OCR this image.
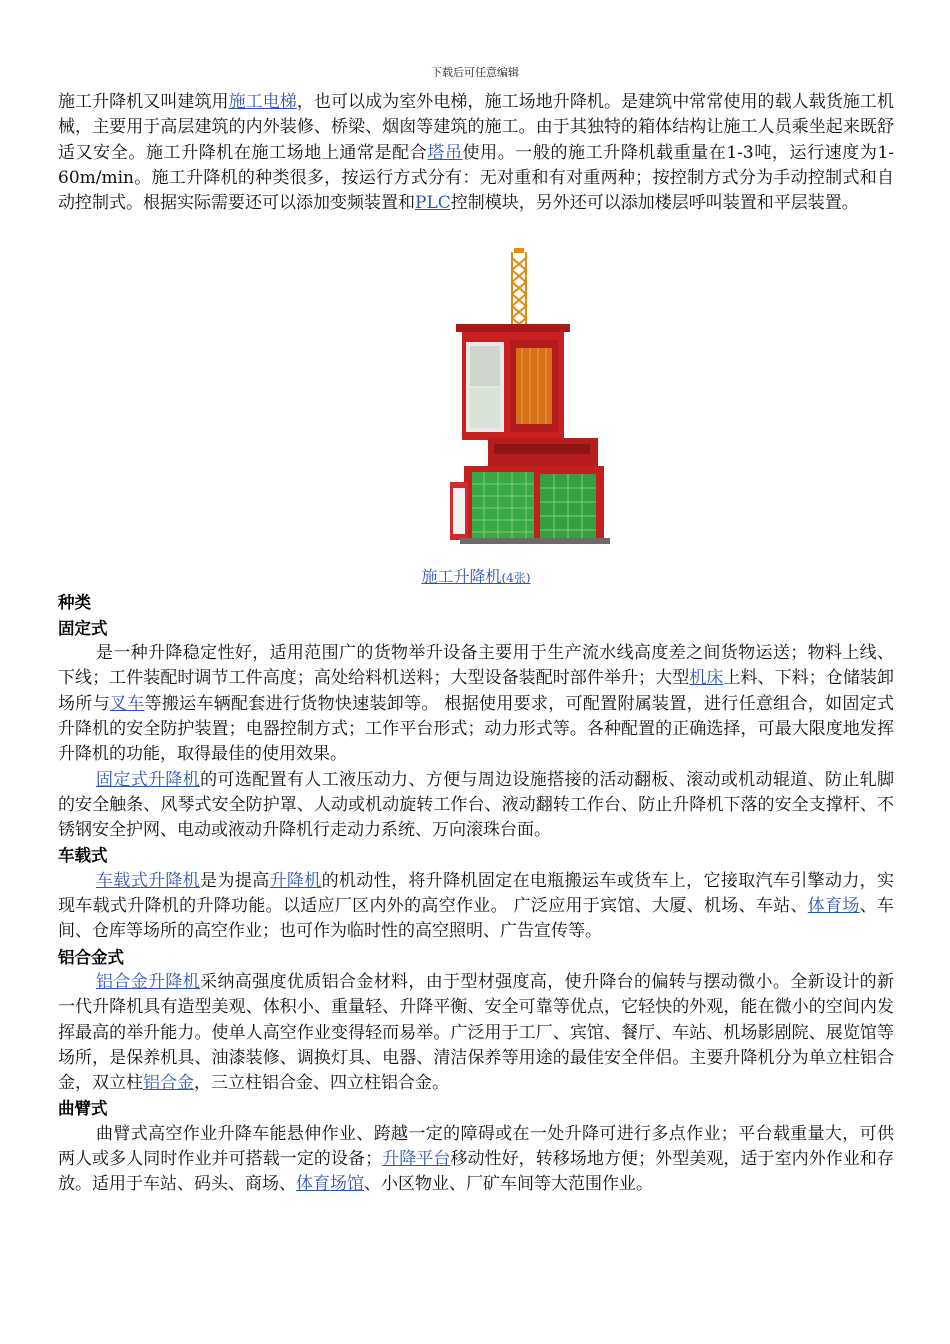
下载后可任意编辑

施工升降机又叫建筑用施工电梯，也可以成为室外电梯，施工场地升降机。是建筑中常常使用的载人载货施工机械，主要用于高层建筑的内外装修、桥梁、烟囱等建筑的施工。由于其独特的箱体结构让施工人员乘坐起来既舒适又安全。施工升降机在施工场地上通常是配合塔吊使用。一般的施工升降机载重量在1-3吨，运行速度为1-60m/min。施工升降机的种类很多，按运行方式分有：无对重和有对重两种；按控制方式分为手动控制式和自动控制式。根据实际需要还可以添加变频装置和PLC控制模块，另外还可以添加楼层呼叫装置和平层装置。

施工升降机(4张)
种类
固定式

是一种升降稳定性好，适用范围广的货物举升设备主要用于生产流水线高度差之间货物运送；物料上线、下线；工件装配时调节工件高度；高处给料机送料；大型设备装配时部件举升；大型机床上料、下料；仓储装卸场所与叉车等搬运车辆配套进行货物快速装卸等。 根据使用要求，可配置附属装置，进行任意组合，如固定式升降机的安全防护装置；电器控制方式；工作平台形式；动力形式等。各种配置的正确选择，可最大限度地发挥升降机的功能，取得最佳的使用效果。

固定式升降机的可选配置有人工液压动力、方便与周边设施搭接的活动翻板、滚动或机动辊道、防止轧脚的安全触条、风琴式安全防护罩、人动或机动旋转工作台、液动翻转工作台、防止升降机下落的安全支撑杆、不锈钢安全护网、电动或液动升降机行走动力系统、万向滚珠台面。

车载式

车载式升降机是为提高升降机的机动性，将升降机固定在电瓶搬运车或货车上，它接取汽车引擎动力，实现车载式升降机的升降功能。以适应厂区内外的高空作业。 广泛应用于宾馆、大厦、机场、车站、体育场、车间、仓库等场所的高空作业；也可作为临时性的高空照明、广告宣传等。

铝合金式

铝合金升降机采纳高强度优质铝合金材料，由于型材强度高，使升降台的偏转与摆动微小。全新设计的新一代升降机具有造型美观、体积小、重量轻、升降平衡、安全可靠等优点，它轻快的外观，能在微小的空间内发挥最高的举升能力。使单人高空作业变得轻而易举。广泛用于工厂、宾馆、餐厅、车站、机场影剧院、展览馆等场所，是保养机具、油漆装修、调换灯具、电器、清洁保养等用途的最佳安全伴侣。主要升降机分为单立柱铝合金，双立柱铝合金，三立柱铝合金、四立柱铝合金。

曲臂式

曲臂式高空作业升降车能悬伸作业、跨越一定的障碍或在一处升降可进行多点作业；平台载重量大，可供两人或多人同时作业并可搭载一定的设备；升降平台移动性好，转移场地方便；外型美观，适于室内外作业和存放。适用于车站、码头、商场、体育场馆、小区物业、厂矿车间等大范围作业。
